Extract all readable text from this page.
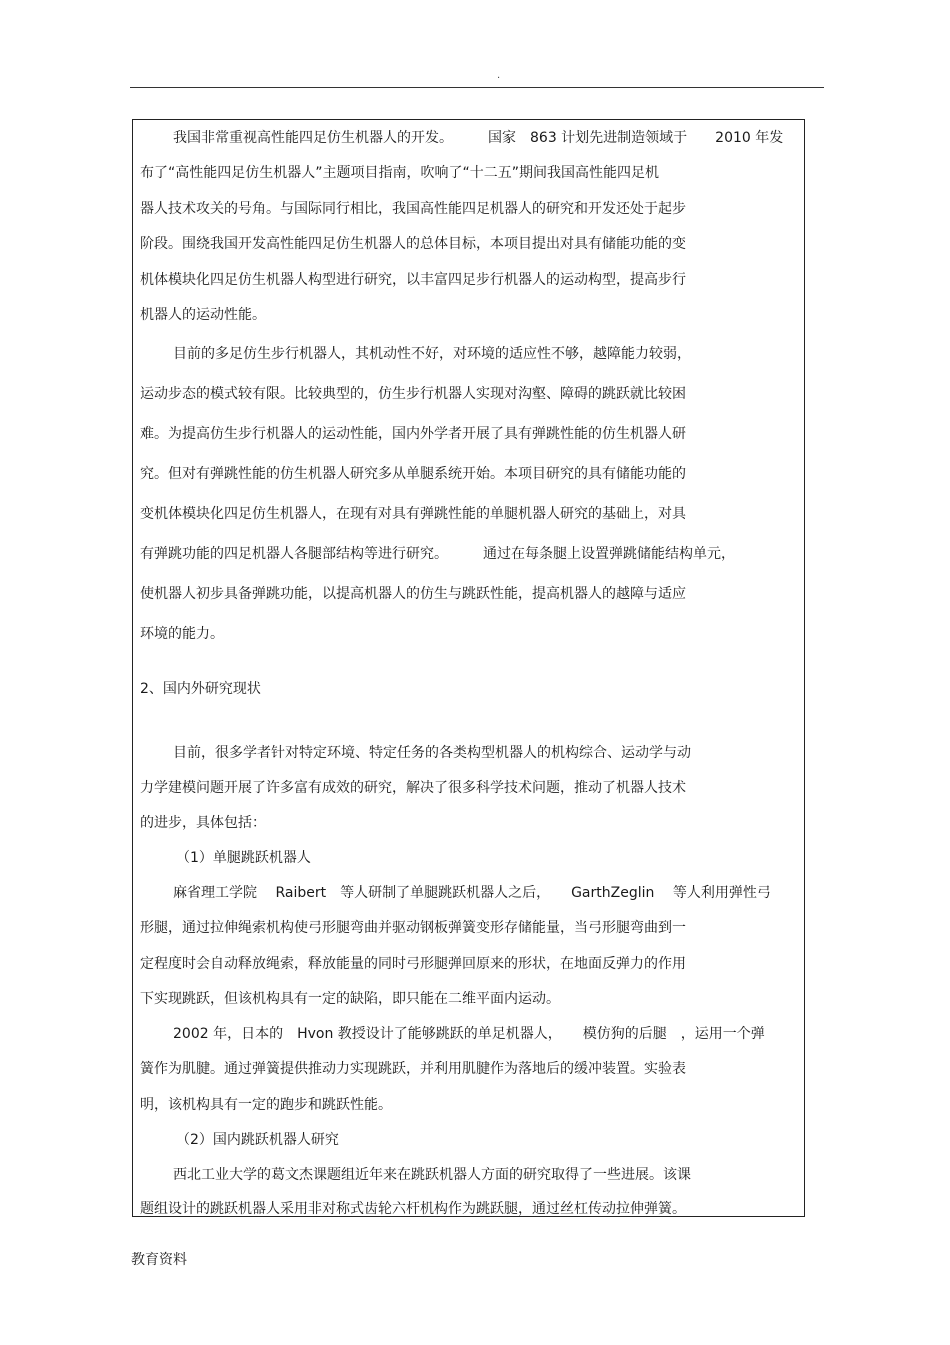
.
我国非常重视高性能四足仿生机器人的开发。　　　国家　863 计划先进制造领域于　　2010 年发
布了“高性能四足仿生机器人”主题项目指南，吹响了“十二五”期间我国高性能四足机
器人技术攻关的号角。与国际同行相比，我国高性能四足机器人的研究和开发还处于起步
阶段。围绕我国开发高性能四足仿生机器人的总体目标，本项目提出对具有储能功能的变
机体模块化四足仿生机器人构型进行研究，以丰富四足步行机器人的运动构型，提高步行
机器人的运动性能。
目前的多足仿生步行机器人，其机动性不好，对环境的适应性不够，越障能力较弱，
运动步态的模式较有限。比较典型的，仿生步行机器人实现对沟壑、障碍的跳跃就比较困
难。为提高仿生步行机器人的运动性能，国内外学者开展了具有弹跳性能的仿生机器人研
究。但对有弹跳性能的仿生机器人研究多从单腿系统开始。本项目研究的具有储能功能的
变机体模块化四足仿生机器人，在现有对具有弹跳性能的单腿机器人研究的基础上，对具
有弹跳功能的四足机器人各腿部结构等进行研究。　　　通过在每条腿上设置弹跳储能结构单元，
使机器人初步具备弹跳功能，以提高机器人的仿生与跳跃性能，提高机器人的越障与适应
环境的能力。
2、国内外研究现状
目前，很多学者针对特定环境、特定任务的各类构型机器人的机构综合、运动学与动
力学建模问题开展了许多富有成效的研究，解决了很多科学技术问题，推动了机器人技术
的进步，具体包括：
（1）单腿跳跃机器人
麻省理工学院　 Raibert　等人研制了单腿跳跃机器人之后，　　GarthZeglin　 等人利用弹性弓
形腿，通过拉伸绳索机构使弓形腿弯曲并驱动钢板弹簧变形存储能量，当弓形腿弯曲到一
定程度时会自动释放绳索，释放能量的同时弓形腿弹回原来的形状，在地面反弹力的作用
下实现跳跃，但该机构具有一定的缺陷，即只能在二维平面内运动。
2002 年，日本的　Hvon 教授设计了能够跳跃的单足机器人，　　模仿狗的后腿　，运用一个弹
簧作为肌腱。通过弹簧提供推动力实现跳跃，并利用肌腱作为落地后的缓冲装置。实验表
明，该机构具有一定的跑步和跳跃性能。
（2）国内跳跃机器人研究
西北工业大学的葛文杰课题组近年来在跳跃机器人方面的研究取得了一些进展。该课
题组设计的跳跃机器人采用非对称式齿轮六杆机构作为跳跃腿，通过丝杠传动拉伸弹簧。
教育资料
